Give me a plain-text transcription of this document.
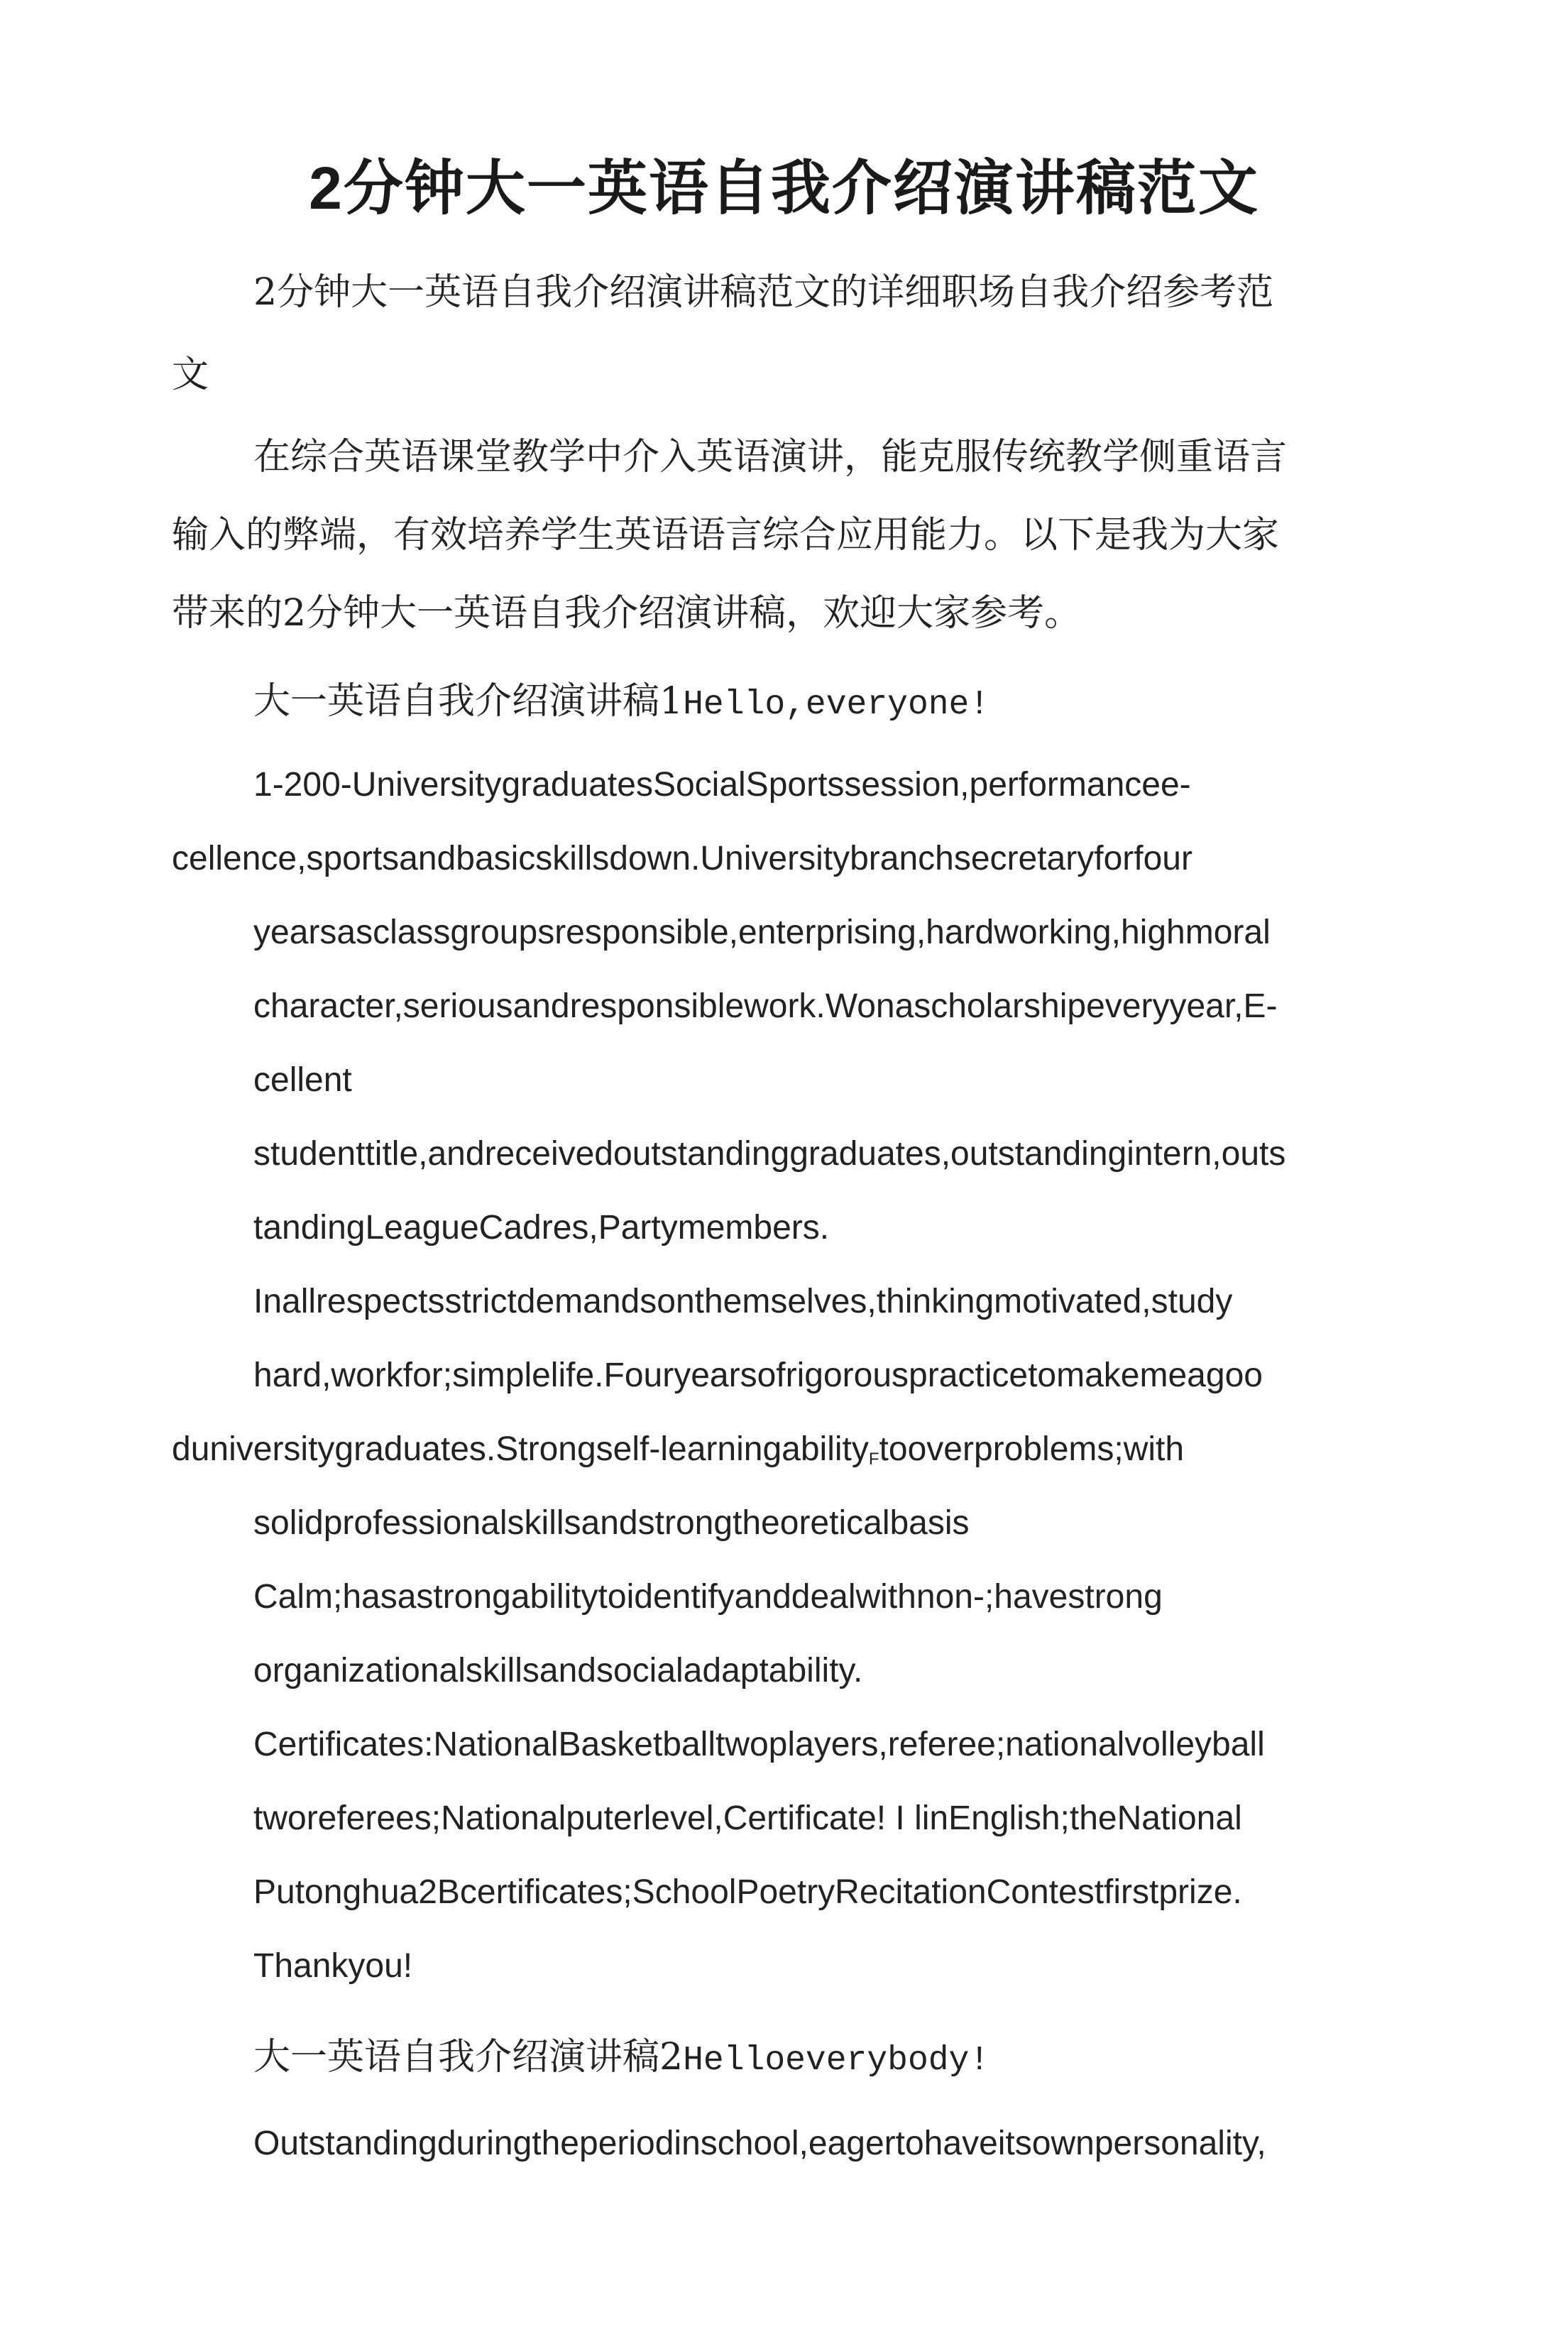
2分钟大一英语自我介绍演讲稿范文

2分钟大一英语自我介绍演讲稿范文的详细职场自我介绍参考范

文

在综合英语课堂教学中介入英语演讲，能克服传统教学侧重语言

输入的弊端，有效培养学生英语语言综合应用能力。以下是我为大家

带来的2分钟大一英语自我介绍演讲稿，欢迎大家参考。

大一英语自我介绍演讲稿1Hello,everyone!

1-200-UniversitygraduatesSocialSportssession,performancee-

cellence,sportsandbasicskillsdown.Universitybranchsecretaryforfour

yearsasclassgroupsresponsible,enterprising,hardworking,highmoral

character,seriousandresponsiblework.Wonascholarshipeveryyear,E-

cellent

studenttitle,andreceivedoutstandinggraduates,outstandingintern,outs

tandingLeagueCadres,Partymembers.

Inallrespectsstrictdemandsonthemselves,thinkingmotivated,study

hard,workfor;simplelife.Fouryearsofrigorouspracticetomakemeagoo

duniversitygraduates.Strongself-learningability$_F$tooverproblems;with

solidprofessionalskillsandstrongtheoreticalbasis

Calm;hasastrongabilitytoidentifyanddealwithnon-;havestrong

organizationalskillsandsocialadaptability.

Certificates:NationalBasketballtwoplayers,referee;nationalvolleyball

tworeferees;Nationalputerlevel,Certificate! I linEnglish;theNational

Putonghua2Bcertificates;SchoolPoetryRecitationContestfirstprize.

Thankyou!

大一英语自我介绍演讲稿2Helloeverybody!

Outstandingduringtheperiodinschool,eagertohaveitsownpersonality,
